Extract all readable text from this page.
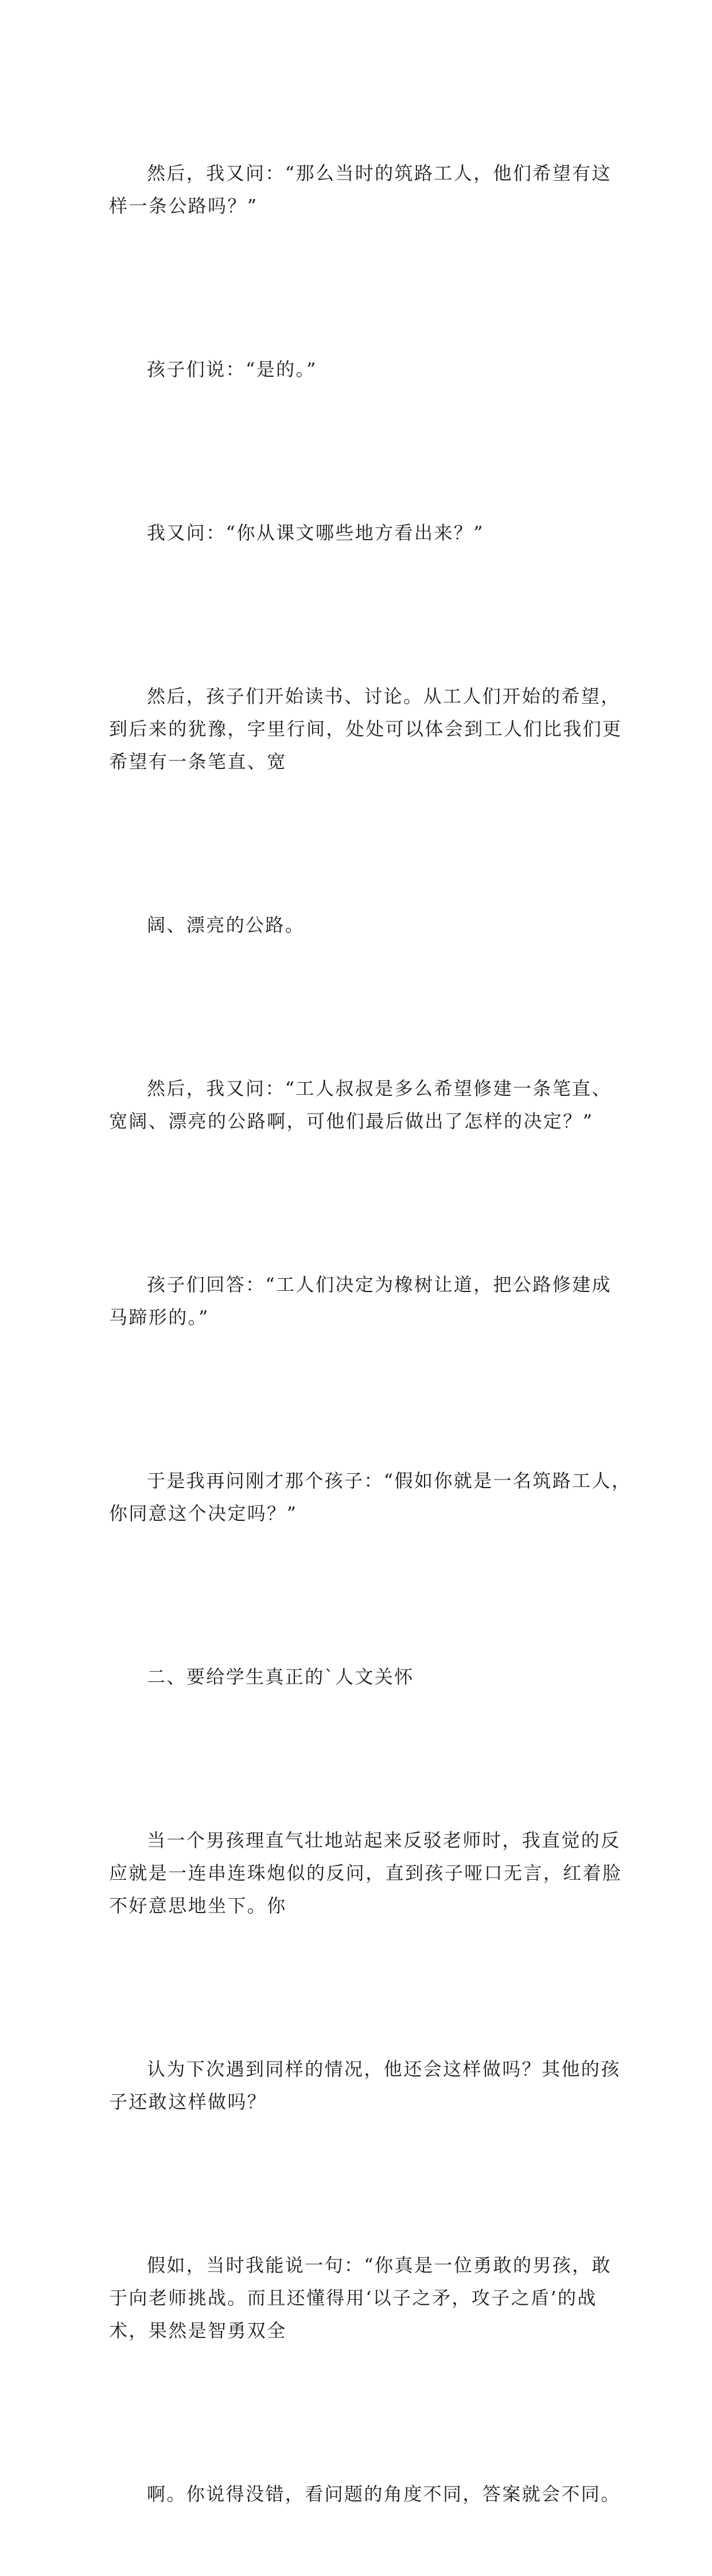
然后，我又问：“那么当时的筑路工人，他们希望有这
样一条公路吗？”

孩子们说：“是的。”

我又问：“你从课文哪些地方看出来？”

然后，孩子们开始读书、讨论。从工人们开始的希望，
到后来的犹豫，字里行间，处处可以体会到工人们比我们更
希望有一条笔直、宽

阔、漂亮的公路。

然后，我又问：“工人叔叔是多么希望修建一条笔直、
宽阔、漂亮的公路啊，可他们最后做出了怎样的决定？”

孩子们回答：“工人们决定为橡树让道，把公路修建成
马蹄形的。”

于是我再问刚才那个孩子：“假如你就是一名筑路工人，
你同意这个决定吗？”

二、要给学生真正的`人文关怀

当一个男孩理直气壮地站起来反驳老师时，我直觉的反
应就是一连串连珠炮似的反问，直到孩子哑口无言，红着脸
不好意思地坐下。你

认为下次遇到同样的情况，他还会这样做吗？其他的孩
子还敢这样做吗？

假如，当时我能说一句：“你真是一位勇敢的男孩，敢
于向老师挑战。而且还懂得用‘以子之矛，攻子之盾’的战
术，果然是智勇双全

啊。你说得没错，看问题的角度不同，答案就会不同。
